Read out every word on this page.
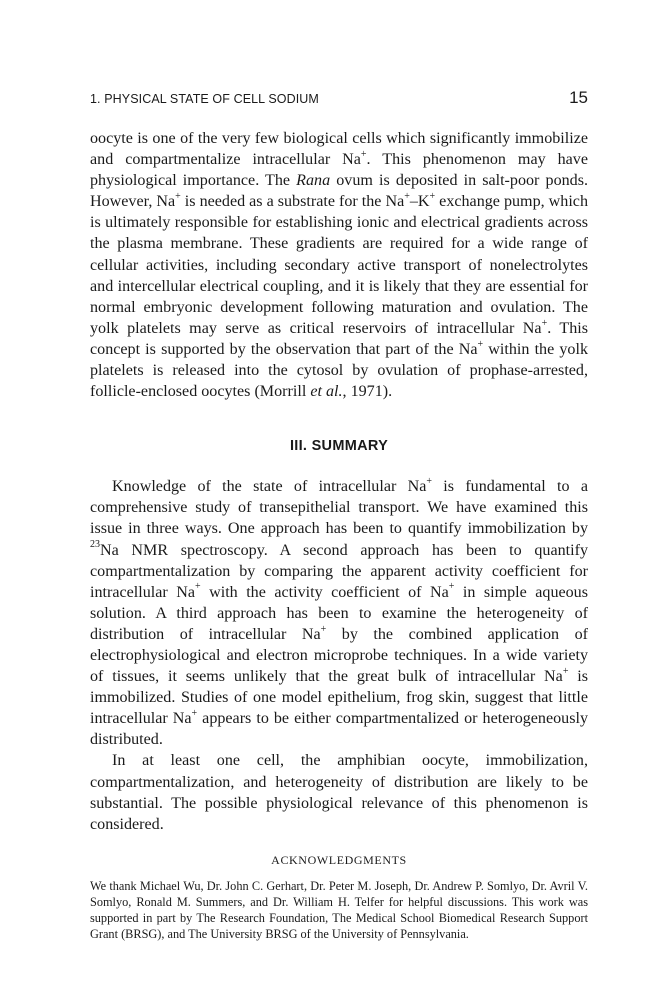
1. PHYSICAL STATE OF CELL SODIUM	15

oocyte is one of the very few biological cells which significantly immobilize and compartmentalize intracellular Na+. This phenomenon may have physiological importance. The Rana ovum is deposited in salt-poor ponds. However, Na+ is needed as a substrate for the Na+–K+ exchange pump, which is ultimately responsible for establishing ionic and electrical gradients across the plasma membrane. These gradients are required for a wide range of cellular activities, including secondary active transport of nonelectrolytes and intercellular electrical coupling, and it is likely that they are essential for normal embryonic development following maturation and ovulation. The yolk platelets may serve as critical reservoirs of intracellular Na+. This concept is supported by the observation that part of the Na+ within the yolk platelets is released into the cytosol by ovulation of prophase-arrested, follicle-enclosed oocytes (Morrill et al., 1971).

III. SUMMARY

Knowledge of the state of intracellular Na+ is fundamental to a comprehensive study of transepithelial transport. We have examined this issue in three ways. One approach has been to quantify immobilization by $^{23}$Na NMR spectroscopy. A second approach has been to quantify compartmentalization by comparing the apparent activity coefficient for intracellular Na+ with the activity coefficient of Na+ in simple aqueous solution. A third approach has been to examine the heterogeneity of distribution of intracellular Na+ by the combined application of electrophysiological and electron microprobe techniques. In a wide variety of tissues, it seems unlikely that the great bulk of intracellular Na+ is immobilized. Studies of one model epithelium, frog skin, suggest that little intracellular Na+ appears to be either compartmentalized or heterogeneously distributed.

In at least one cell, the amphibian oocyte, immobilization, compartmentalization, and heterogeneity of distribution are likely to be substantial. The possible physiological relevance of this phenomenon is considered.

ACKNOWLEDGMENTS

We thank Michael Wu, Dr. John C. Gerhart, Dr. Peter M. Joseph, Dr. Andrew P. Somlyo, Dr. Avril V. Somlyo, Ronald M. Summers, and Dr. William H. Telfer for helpful discussions. This work was supported in part by The Research Foundation, The Medical School Biomedical Research Support Grant (BRSG), and The University BRSG of the University of Pennsylvania.
